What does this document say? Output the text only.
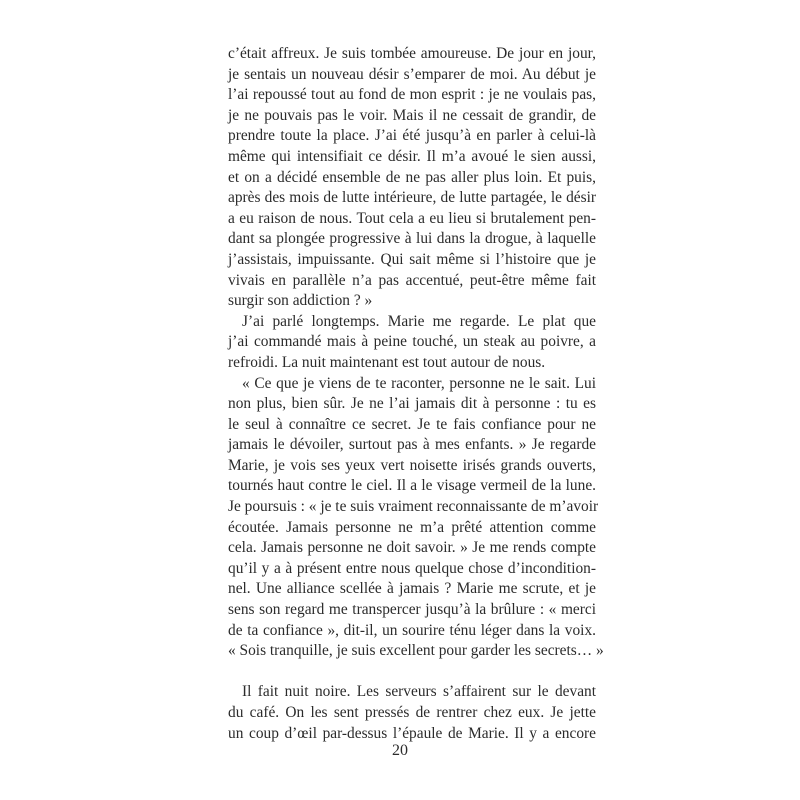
c’était affreux. Je suis tombée amoureuse. De jour en jour,
je sentais un nouveau désir s’emparer de moi. Au début je
l’ai repoussé tout au fond de mon esprit : je ne voulais pas,
je ne pouvais pas le voir. Mais il ne cessait de grandir, de
prendre toute la place. J’ai été jusqu’à en parler à celui-là
même qui intensifiait ce désir. Il m’a avoué le sien aussi,
et on a décidé ensemble de ne pas aller plus loin. Et puis,
après des mois de lutte intérieure, de lutte partagée, le désir
a eu raison de nous. Tout cela a eu lieu si brutalement pen-
dant sa plongée progressive à lui dans la drogue, à laquelle
j’assistais, impuissante. Qui sait même si l’histoire que je
vivais en parallèle n’a pas accentué, peut-être même fait
surgir son addiction ? »
J’ai parlé longtemps. Marie me regarde. Le plat que
j’ai commandé mais à peine touché, un steak au poivre, a
refroidi. La nuit maintenant est tout autour de nous.
« Ce que je viens de te raconter, personne ne le sait. Lui
non plus, bien sûr. Je ne l’ai jamais dit à personne : tu es
le seul à connaître ce secret. Je te fais confiance pour ne
jamais le dévoiler, surtout pas à mes enfants. » Je regarde
Marie, je vois ses yeux vert noisette irisés grands ouverts,
tournés haut contre le ciel. Il a le visage vermeil de la lune.
Je poursuis : « je te suis vraiment reconnaissante de m’avoir
écoutée. Jamais personne ne m’a prêté attention comme
cela. Jamais personne ne doit savoir. » Je me rends compte
qu’il y a à présent entre nous quelque chose d’incondition-
nel. Une alliance scellée à jamais ? Marie me scrute, et je
sens son regard me transpercer jusqu’à la brûlure : « merci
de ta confiance », dit-il, un sourire ténu léger dans la voix.
« Sois tranquille, je suis excellent pour garder les secrets… »
Il fait nuit noire. Les serveurs s’affairent sur le devant
du café. On les sent pressés de rentrer chez eux. Je jette
un coup d’œil par-dessus l’épaule de Marie. Il y a encore
20
